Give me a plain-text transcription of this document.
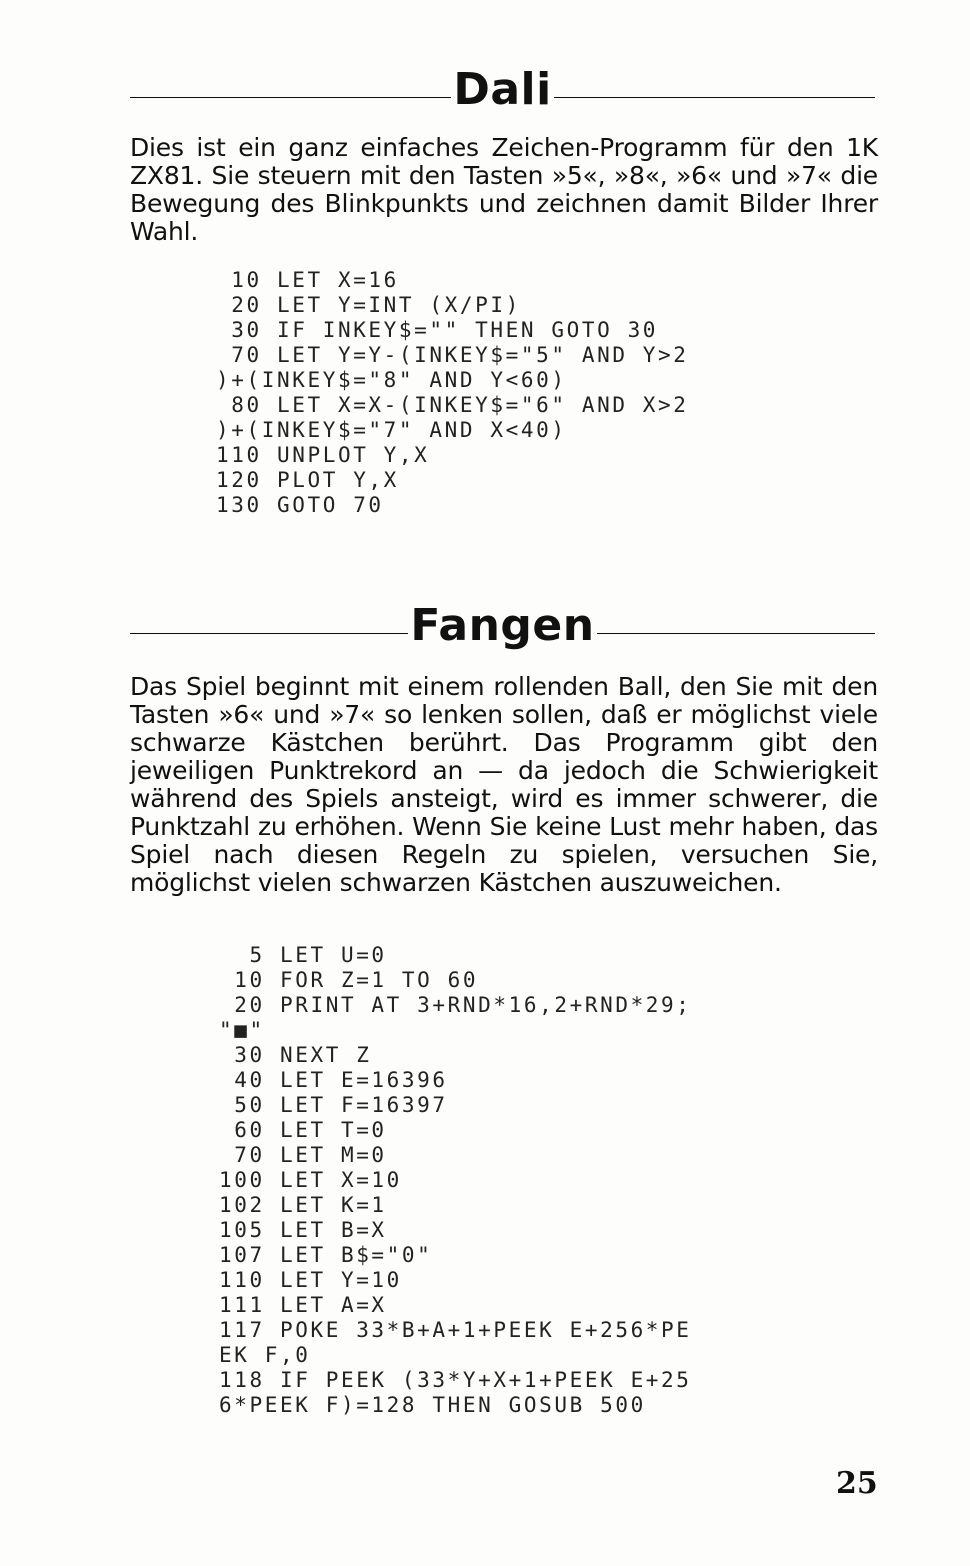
Dali

Dies ist ein ganz einfaches Zeichen-Programm für den 1K ZX81. Sie steuern mit den Tasten »5«, »8«, »6« und »7« die Bewegung des Blinkpunkts und zeichnen damit Bilder Ihrer Wahl.

10 LET X=16
20 LET Y=INT (X/PI)
30 IF INKEY$="" THEN GOTO 30
70 LET Y=Y-(INKEY$="5" AND Y>2
)+(INKEY$="8" AND Y<60)
80 LET X=X-(INKEY$="6" AND X>2
)+(INKEY$="7" AND X<40)
110 UNPLOT Y,X
120 PLOT Y,X
130 GOTO 70
Fangen

Das Spiel beginnt mit einem rollenden Ball, den Sie mit den Tasten »6« und »7« so lenken sollen, daß er möglichst viele schwarze Kästchen berührt. Das Programm gibt den jeweiligen Punktrekord an — da jedoch die Schwierigkeit während des Spiels ansteigt, wird es immer schwerer, die Punktzahl zu erhöhen. Wenn Sie keine Lust mehr haben, das Spiel nach diesen Regeln zu spielen, versuchen Sie, möglichst vielen schwarzen Kästchen auszuweichen.

5 LET U=0
10 FOR Z=1 TO 60
20 PRINT AT 3+RND*16,2+RND*29;
"■"
30 NEXT Z
40 LET E=16396
50 LET F=16397
60 LET T=0
70 LET M=0
100 LET X=10
102 LET K=1
105 LET B=X
107 LET B$="0"
110 LET Y=10
111 LET A=X
117 POKE 33*B+A+1+PEEK E+256*PE
EK F,0
118 IF PEEK (33*Y+X+1+PEEK E+25
6*PEEK F)=128 THEN GOSUB 500
25
